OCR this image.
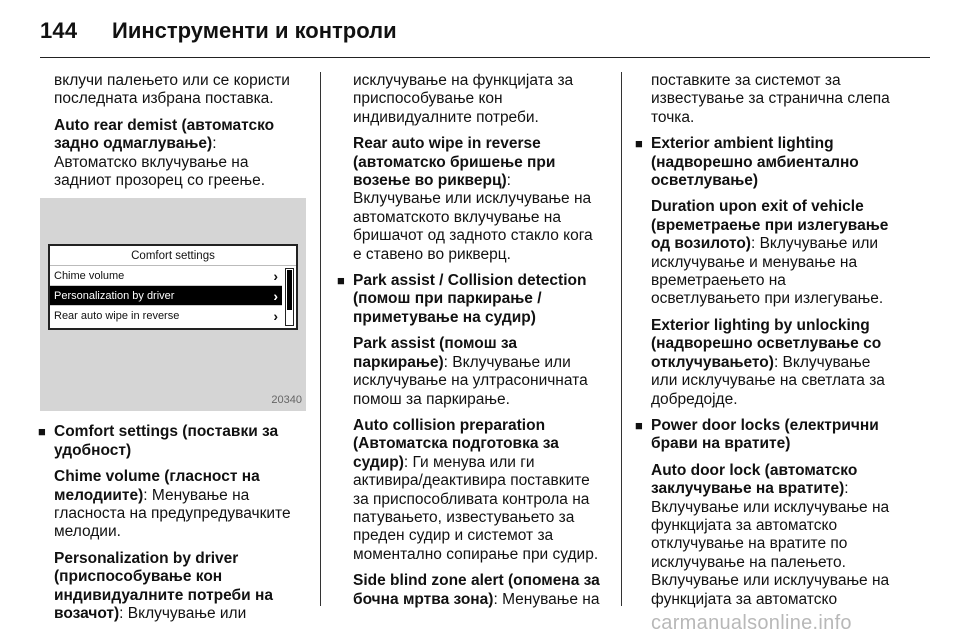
144 Иинструменти и контроли

вклучи палењето или се користи последната избрана поставка.

Auto rear demist (автоматско задно одмаглување): Автоматско вклучување на задниот прозорец со греење.

Comfort settings
Chime volume	›
Personalization by driver	›
Rear auto wipe in reverse	›
20340
■ Comfort settings (поставки за удобност)

Chime volume (гласност на мелодиите): Менување на гласноста на предупредувачките мелодии.

Personalization by driver (приспособување кон индивидуалните потреби на возачот): Вклучување или

исклучување на функцијата за приспособување кон индивидуалните потреби.

Rear auto wipe in reverse (автоматско бришење при возење во рикверц): Вклучување или исклучување на автоматското вклучување на бришачот од задното стакло кога е ставено во рикверц.

■ Park assist / Collision detection (помош при паркирање / приметување на судир)

Park assist (помош за паркирање): Вклучување или исклучување на ултрасоничната помош за паркирање.

Auto collision preparation (Автоматска подготовка за судир): Ги менува или ги активира/деактивира поставките за приспособливата контрола на патувањето, известувањето за преден судир и системот за моментално сопирање при судир.

Side blind zone alert (опомена за бочна мртва зона): Менување на

поставките за системот за известување за странична слепа точка.

■ Exterior ambient lighting (надворешно амбиентално осветлување)

Duration upon exit of vehicle (времетраење при излегување од возилото): Вклучување или исклучување и менување на времетраењето на осветлувањето при излегување.

Exterior lighting by unlocking (надворешно осветлување со отклучувањето): Вклучување или исклучување на светлата за добредојде.

■ Power door locks (електрични брави на вратите)

Auto door lock (автоматско заклучување на вратите): Вклучување или исклучување на функцијата за автоматско отклучување на вратите по исклучување на палењето. Вклучување или исклучување на функцијата за автоматско

carmanualsonline.info
